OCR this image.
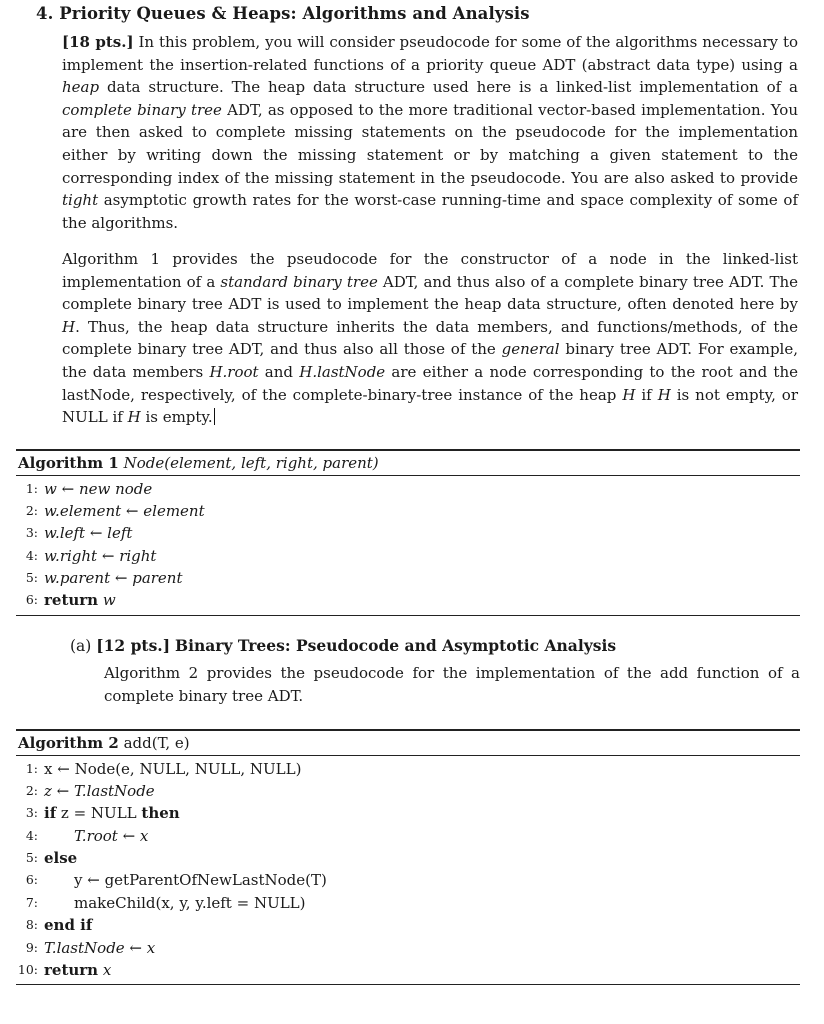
4. Priority Queues & Heaps: Algorithms and Analysis
[18 pts.] In this problem, you will consider pseudocode for some of the algorithms necessary to implement the insertion-related functions of a priority queue ADT (abstract data type) using a heap data structure. The heap data structure used here is a linked-list implementation of a complete binary tree ADT, as opposed to the more traditional vector-based implementation. You are then asked to complete missing statements on the pseudocode for the implementation either by writing down the missing statement or by matching a given statement to the corresponding index of the missing statement in the pseudocode. You are also asked to provide tight asymptotic growth rates for the worst-case running-time and space complexity of some of the algorithms.
Algorithm 1 provides the pseudocode for the constructor of a node in the linked-list implementation of a standard binary tree ADT, and thus also of a complete binary tree ADT. The complete binary tree ADT is used to implement the heap data structure, often denoted here by H. Thus, the heap data structure inherits the data members, and functions/methods, of the complete binary tree ADT, and thus also all those of the general binary tree ADT. For example, the data members H.root and H.lastNode are either a node corresponding to the root and the lastNode, respectively, of the complete-binary-tree instance of the heap H if H is not empty, or NULL if H is empty.
Algorithm 1 Node(element, left, right, parent)
1: w ← new node
2: w.element ← element
3: w.left ← left
4: w.right ← right
5: w.parent ← parent
6: return w
(a) [12 pts.] Binary Trees: Pseudocode and Asymptotic Analysis
Algorithm 2 provides the pseudocode for the implementation of the add function of a complete binary tree ADT.
Algorithm 2 add(T, e)
1: x ← Node(e, NULL, NULL, NULL)
2: z ← T.lastNode
3: if z = NULL then
4: T.root ← x
5: else
6: y ← getParentOfNewLastNode(T)
7: makeChild(x, y, y.left = NULL)
8: end if
9: T.lastNode ← x
10: return x
